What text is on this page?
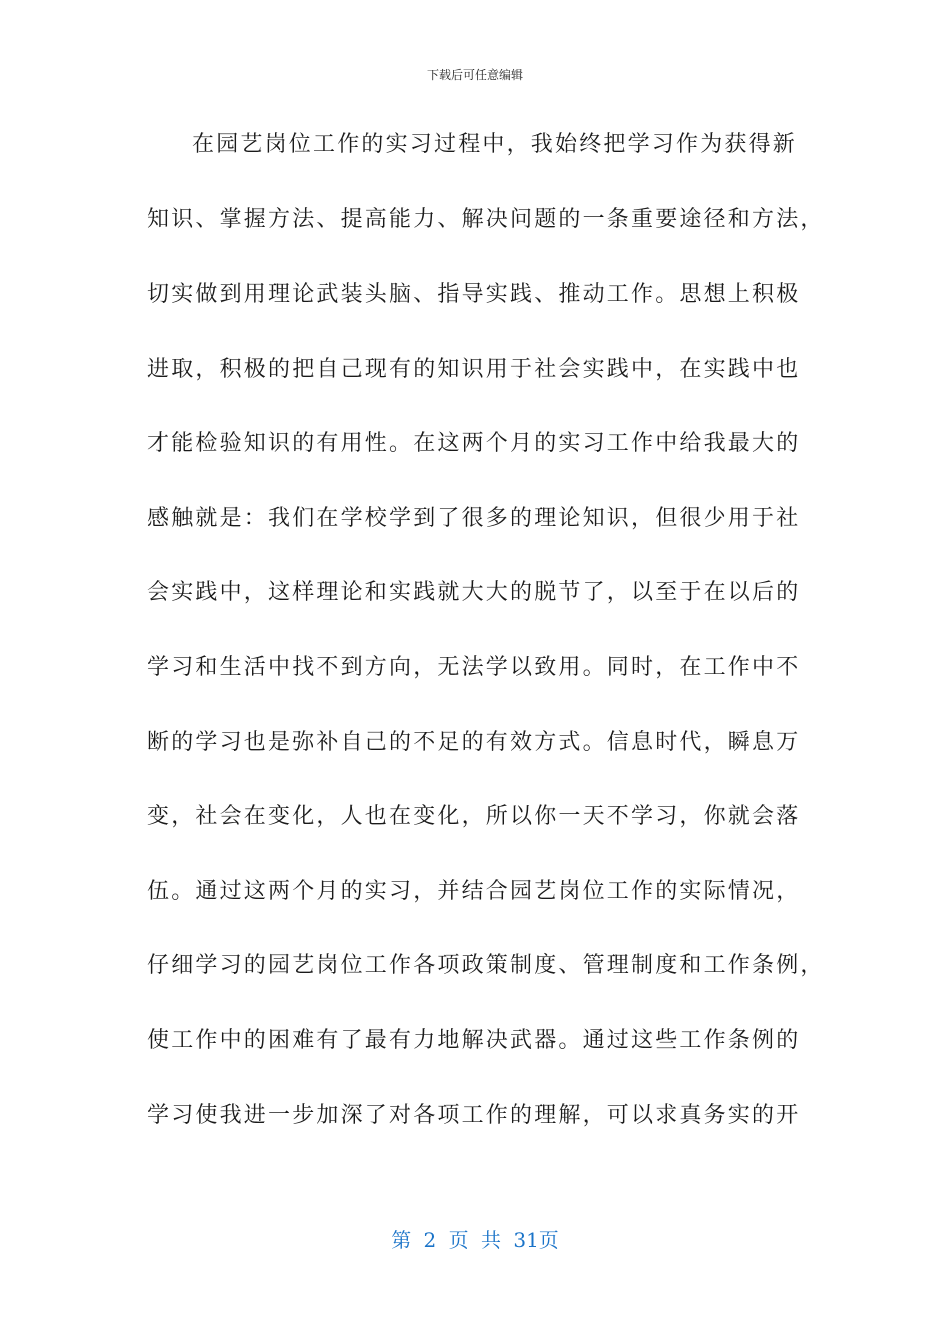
下载后可任意编辑
在园艺岗位工作的实习过程中，我始终把学习作为获得新
知识、掌握方法、提高能力、解决问题的一条重要途径和方法，
切实做到用理论武装头脑、指导实践、推动工作。思想上积极
进取，积极的把自己现有的知识用于社会实践中，在实践中也
才能检验知识的有用性。在这两个月的实习工作中给我最大的
感触就是：我们在学校学到了很多的理论知识，但很少用于社
会实践中，这样理论和实践就大大的脱节了，以至于在以后的
学习和生活中找不到方向，无法学以致用。同时，在工作中不
断的学习也是弥补自己的不足的有效方式。信息时代，瞬息万
变，社会在变化，人也在变化，所以你一天不学习，你就会落
伍。通过这两个月的实习，并结合园艺岗位工作的实际情况，
仔细学习的园艺岗位工作各项政策制度、管理制度和工作条例，
使工作中的困难有了最有力地解决武器。通过这些工作条例的
学习使我进一步加深了对各项工作的理解，可以求真务实的开
第 2 页 共 31页
